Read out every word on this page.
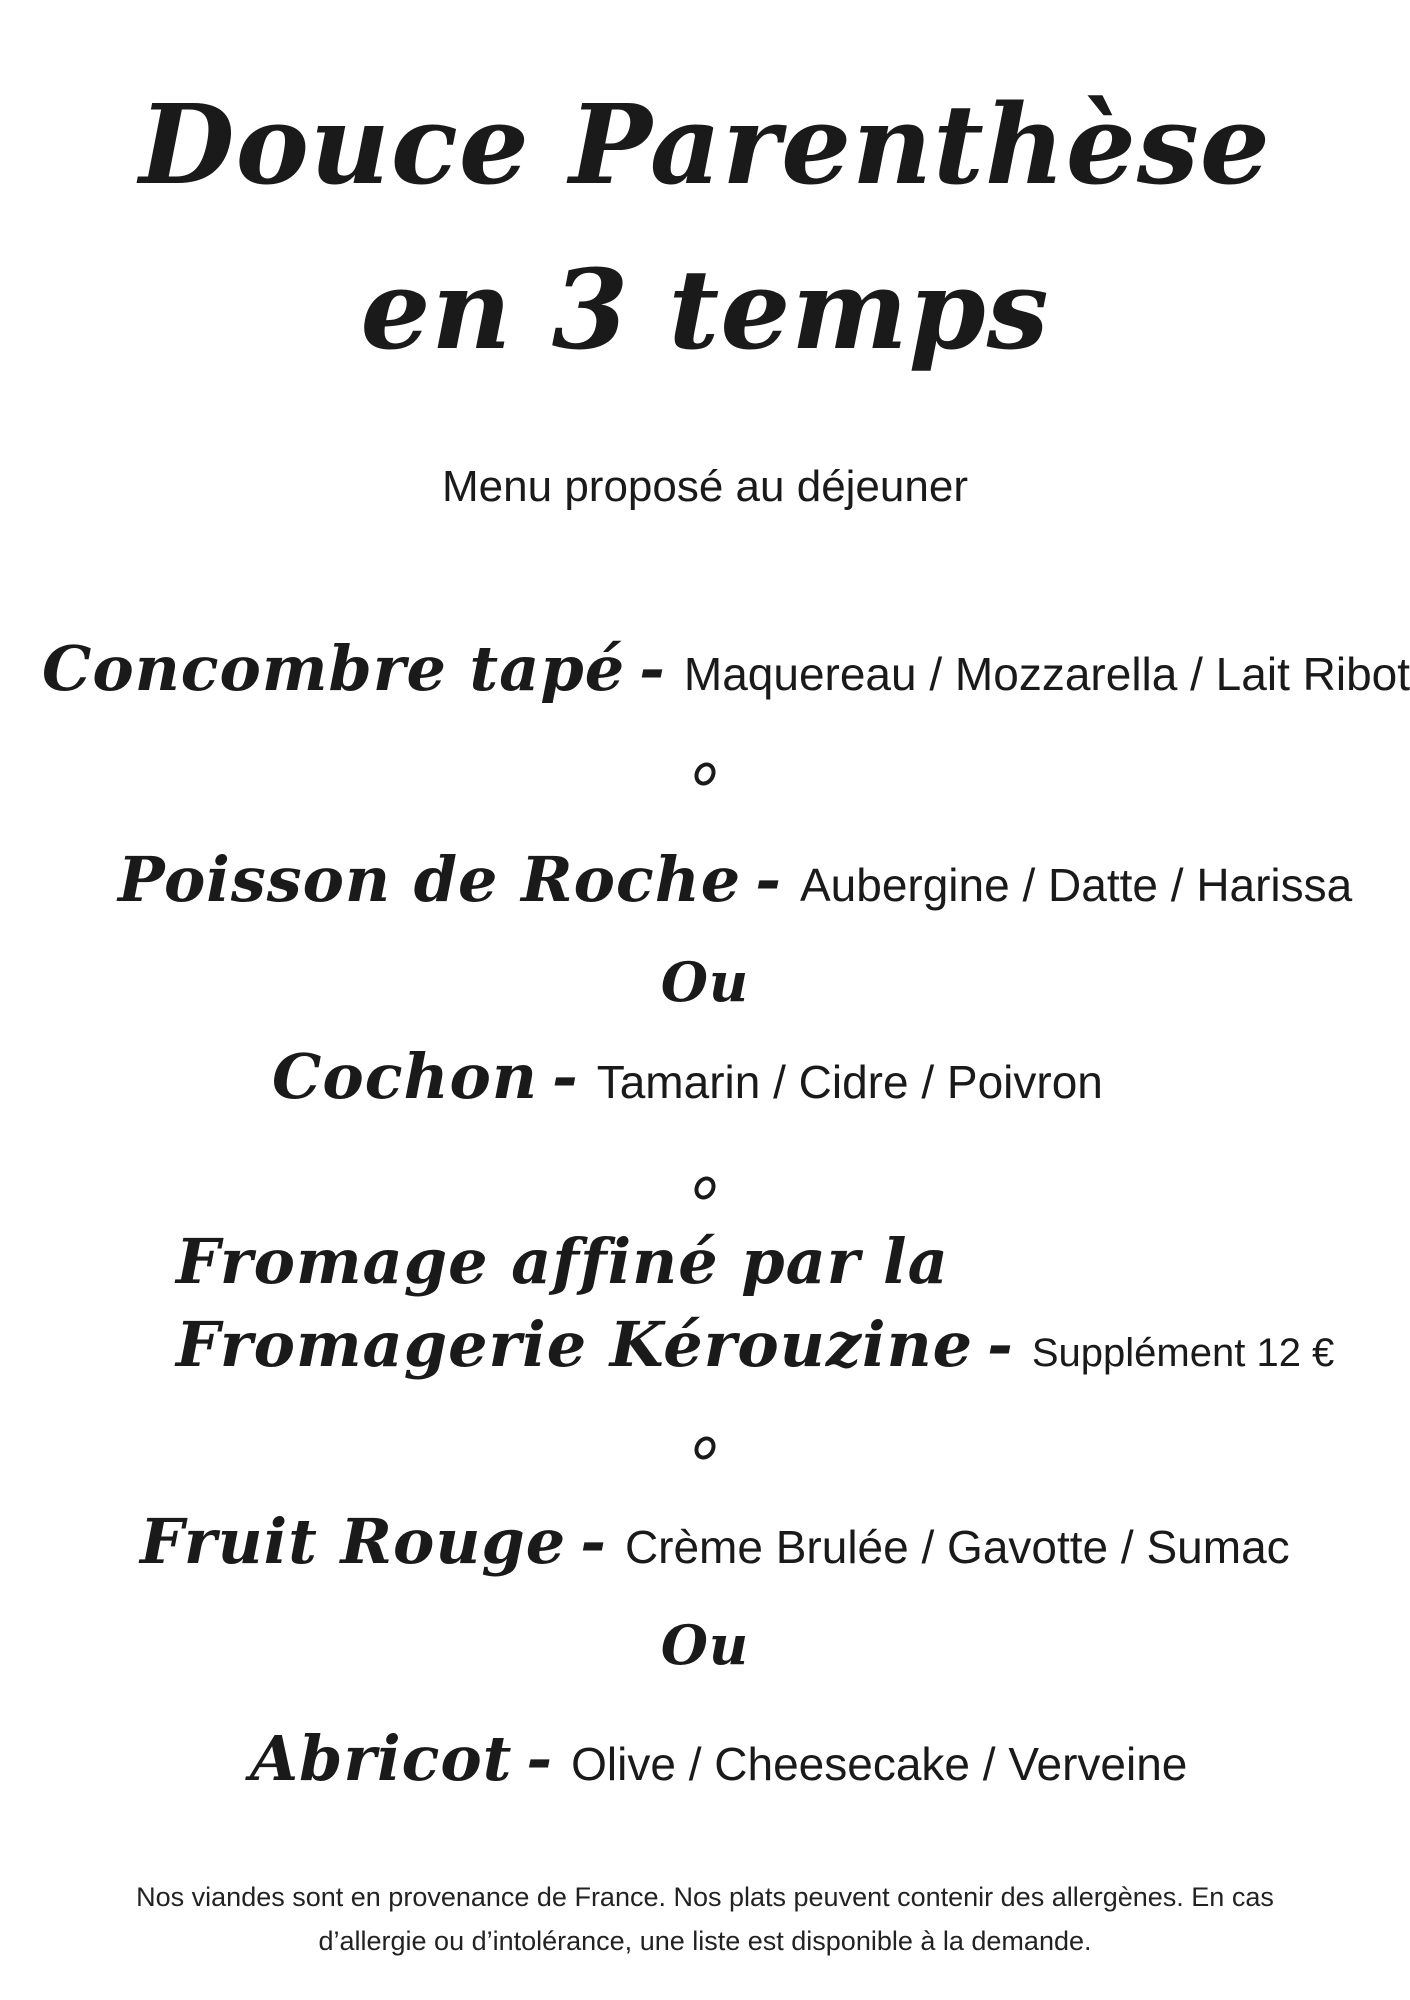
Douce Parenthèse
en 3 temps
Menu proposé au déjeuner
Concombre tapé - Maquereau / Mozzarella / Lait Ribot
Poisson de Roche - Aubergine / Datte / Harissa
Ou
Cochon - Tamarin / Cidre / Poivron
Fromage affiné par la
Fromagerie Kérouzine - Supplément 12 €
Fruit Rouge - Crème Brulée / Gavotte / Sumac
Ou
Abricot - Olive / Cheesecake / Verveine
Nos viandes sont en provenance de France. Nos plats peuvent contenir des allergènes. En cas
d’allergie ou d’intolérance, une liste est disponible à la demande.
